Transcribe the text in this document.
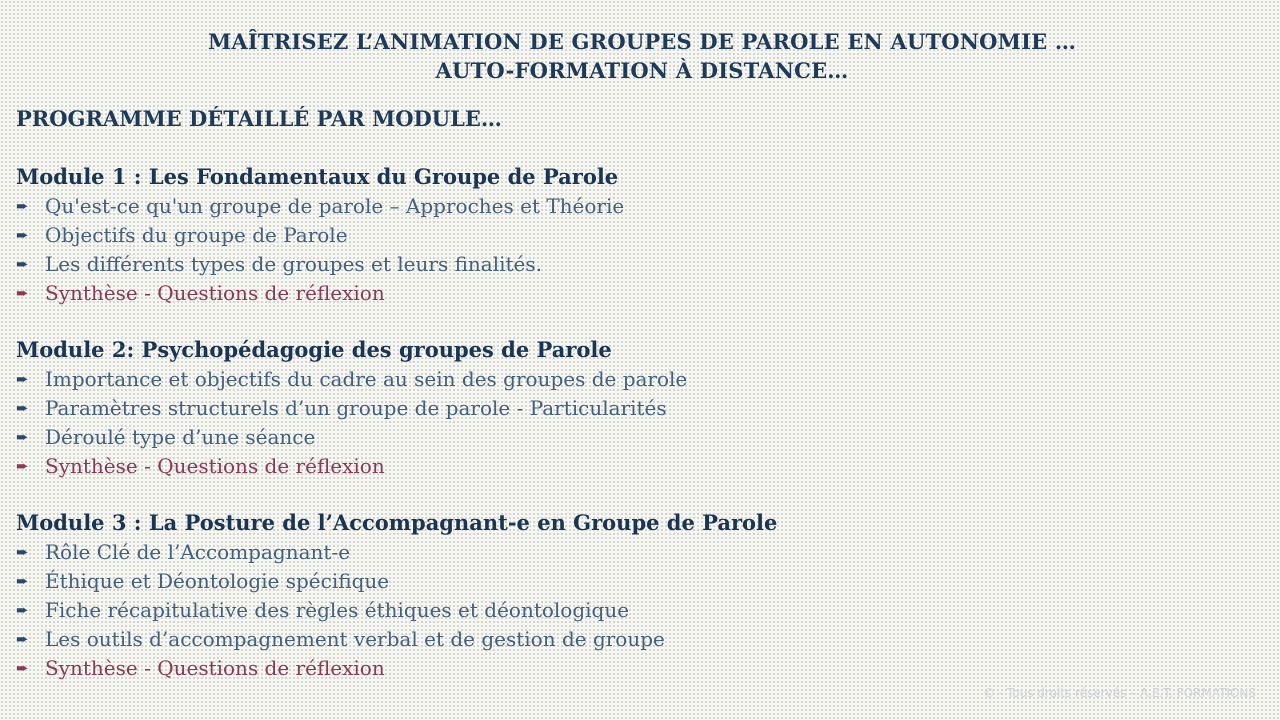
MAÎTRISEZ L’ANIMATION DE GROUPES DE PAROLE EN AUTONOMIE …
AUTO-FORMATION À DISTANCE…
PROGRAMME DÉTAILLÉ PAR MODULE…
Module 1 : Les Fondamentaux du Groupe de Parole
➨ Qu'est-ce qu'un groupe de parole – Approches et Théorie
➨ Objectifs du groupe de Parole
➨ Les différents types de groupes et leurs finalités.
➨ Synthèse - Questions de réflexion
Module 2: Psychopédagogie des groupes de Parole
➨ Importance et objectifs du cadre au sein des groupes de parole
➨ Paramètres structurels d’un groupe de parole - Particularités
➨ Déroulé type d’une séance
➨ Synthèse - Questions de réflexion
Module 3 : La Posture de l’Accompagnant-e en Groupe de Parole
➨ Rôle Clé de l’Accompagnant-e
➨ Éthique et Déontologie spécifique
➨ Fiche récapitulative des règles éthiques et déontologique
➨ Les outils d’accompagnement verbal et de gestion de groupe
➨ Synthèse - Questions de réflexion
© - Tous droits réservés – A.E.T. FORMATIONS
